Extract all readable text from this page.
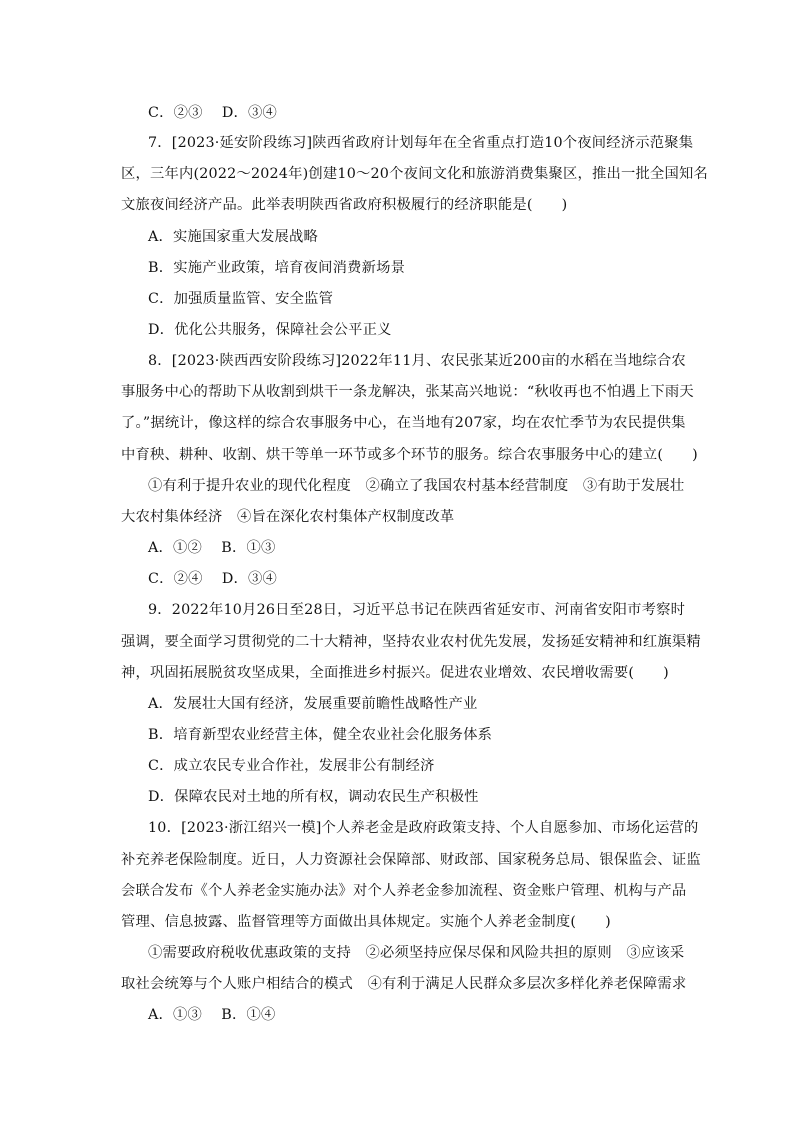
C．②③　 D．③④

7．[2023·延安阶段练习]陕西省政府计划每年在全省重点打造10个夜间经济示范聚集

区，三年内(2022～2024年)创建10～20个夜间文化和旅游消费集聚区，推出一批全国知名

文旅夜间经济产品。此举表明陕西省政府积极履行的经济职能是(　　)

A．实施国家重大发展战略

B．实施产业政策，培育夜间消费新场景

C．加强质量监管、安全监管

D．优化公共服务，保障社会公平正义

8．[2023·陕西西安阶段练习]2022年11月、农民张某近200亩的水稻在当地综合农

事服务中心的帮助下从收割到烘干一条龙解决，张某高兴地说：“秋收再也不怕遇上下雨天

了。”据统计，像这样的综合农事服务中心，在当地有207家，均在农忙季节为农民提供集

中育秧、耕种、收割、烘干等单一环节或多个环节的服务。综合农事服务中心的建立(　　)

①有利于提升农业的现代化程度　②确立了我国农村基本经营制度　③有助于发展壮

大农村集体经济　④旨在深化农村集体产权制度改革

A．①②　 B．①③

C．②④　 D．③④

9．2022年10月26日至28日，习近平总书记在陕西省延安市、河南省安阳市考察时

强调，要全面学习贯彻党的二十大精神，坚持农业农村优先发展，发扬延安精神和红旗渠精

神，巩固拓展脱贫攻坚成果，全面推进乡村振兴。促进农业增效、农民增收需要(　　)

A．发展壮大国有经济，发展重要前瞻性战略性产业

B．培育新型农业经营主体，健全农业社会化服务体系

C．成立农民专业合作社，发展非公有制经济

D．保障农民对土地的所有权，调动农民生产积极性

10．[2023·浙江绍兴一模]个人养老金是政府政策支持、个人自愿参加、市场化运营的

补充养老保险制度。近日，人力资源社会保障部、财政部、国家税务总局、银保监会、证监

会联合发布《个人养老金实施办法》对个人养老金参加流程、资金账户管理、机构与产品

管理、信息披露、监督管理等方面做出具体规定。实施个人养老金制度(　　)

①需要政府税收优惠政策的支持　②必须坚持应保尽保和风险共担的原则　③应该采

取社会统筹与个人账户相结合的模式　④有利于满足人民群众多层次多样化养老保障需求

A．①③　 B．①④
